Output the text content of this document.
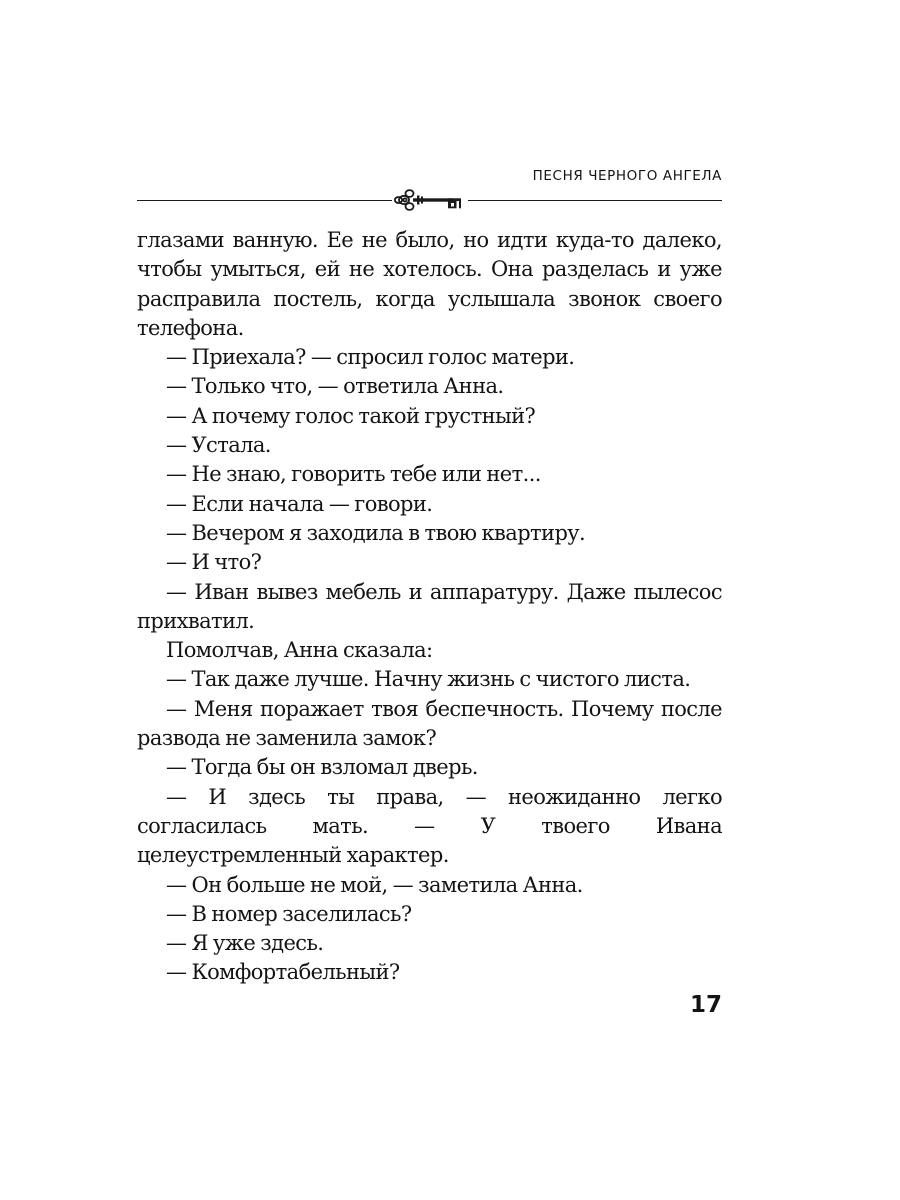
ПЕСНЯ ЧЕРНОГО АНГЕЛА

глазами ванную. Ее не было, но идти куда-то далеко, чтобы умыться, ей не хотелось. Она разделась и уже расправила постель, когда услышала звонок своего телефона.

— Приехала? — спросил голос матери.

— Только что, — ответила Анна.

— А почему голос такой грустный?

— Устала.

— Не знаю, говорить тебе или нет...

— Если начала — говори.

— Вечером я заходила в твою квартиру.

— И что?

— Иван вывез мебель и аппаратуру. Даже пылесос прихватил.

Помолчав, Анна сказала:

— Так даже лучше. Начну жизнь с чистого листа.

— Меня поражает твоя беспечность. Почему после развода не заменила замок?

— Тогда бы он взломал дверь.

— И здесь ты права, — неожиданно легко согласилась мать. — У твоего Ивана целеустремленный характер.

— Он больше не мой, — заметила Анна.

— В номер заселилась?

— Я уже здесь.

— Комфортабельный?

17
